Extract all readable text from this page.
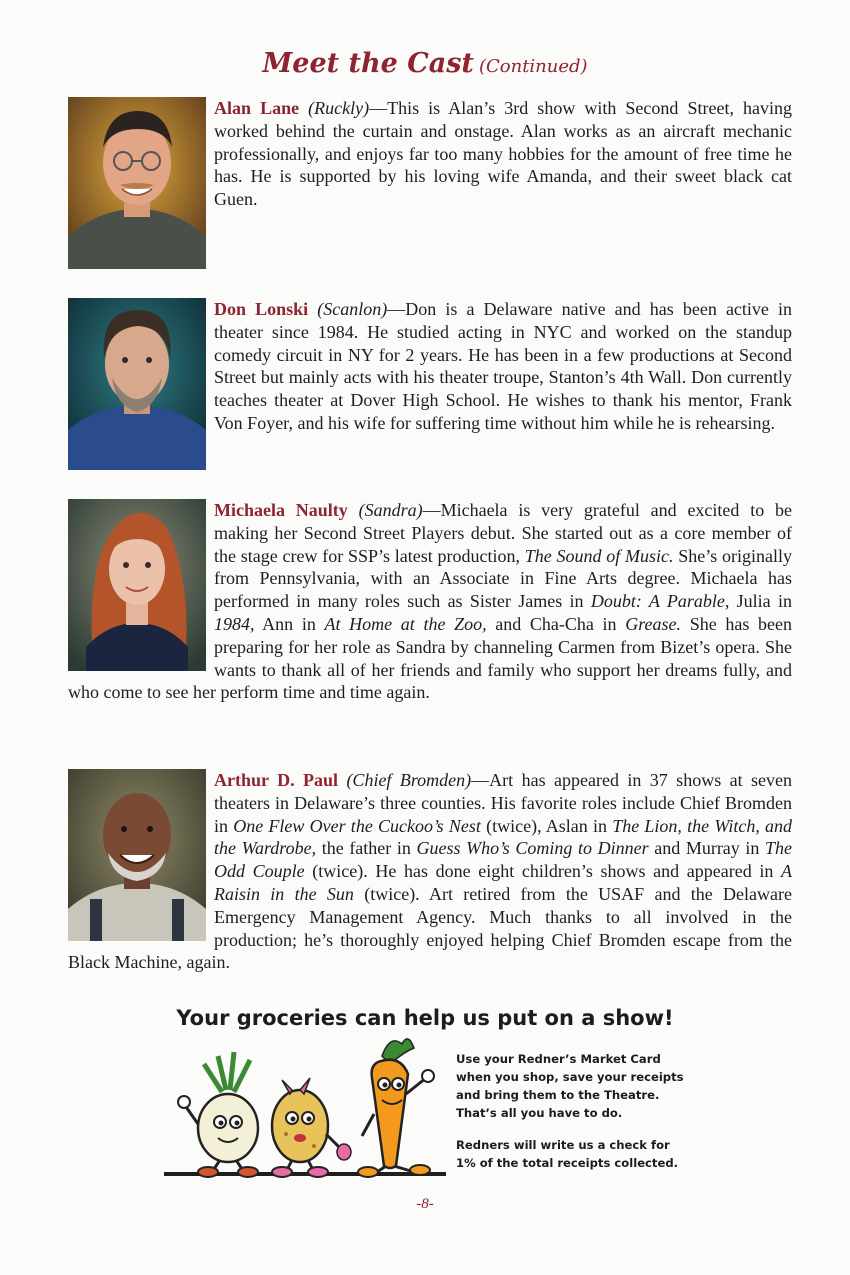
Meet the Cast (Continued)
Alan Lane (Ruckly)—This is Alan’s 3rd show with Second Street, having worked behind the curtain and onstage. Alan works as an aircraft mechanic professionally, and enjoys far too many hobbies for the amount of free time he has. He is supported by his loving wife Amanda, and their sweet black cat Guen.
Don Lonski (Scanlon)—Don is a Delaware native and has been active in theater since 1984. He studied acting in NYC and worked on the standup comedy circuit in NY for 2 years. He has been in a few productions at Second Street but mainly acts with his theater troupe, Stanton’s 4th Wall. Don currently teaches theater at Dover High School. He wishes to thank his mentor, Frank Von Foyer, and his wife for suffering time without him while he is rehearsing.
Michaela Naulty (Sandra)—Michaela is very grateful and excited to be making her Second Street Players debut. She started out as a core member of the stage crew for SSP’s latest production, The Sound of Music. She’s originally from Pennsylvania, with an Associate in Fine Arts degree. Michaela has performed in many roles such as Sister James in Doubt: A Parable, Julia in 1984, Ann in At Home at the Zoo, and Cha-Cha in Grease. She has been preparing for her role as Sandra by channeling Carmen from Bizet’s opera. She wants to thank all of her friends and family who support her dreams fully, and who come to see her perform time and time again.
Arthur D. Paul (Chief Bromden)—Art has appeared in 37 shows at seven theaters in Delaware’s three counties. His favorite roles include Chief Bromden in One Flew Over the Cuckoo’s Nest (twice), Aslan in The Lion, the Witch, and the Wardrobe, the father in Guess Who’s Coming to Dinner and Murray in The Odd Couple (twice). He has done eight children’s shows and appeared in A Raisin in the Sun (twice). Art retired from the USAF and the Delaware Emergency Management Agency. Much thanks to all involved in the production; he’s thoroughly enjoyed helping Chief Bromden escape from the Black Machine, again.
Your groceries can help us put on a show!
Use your Redner’s Market Card
when you shop, save your receipts
and bring them to the Theatre.
That’s all you have to do.
Redners will write us a check for
1% of the total receipts collected.
-8-
